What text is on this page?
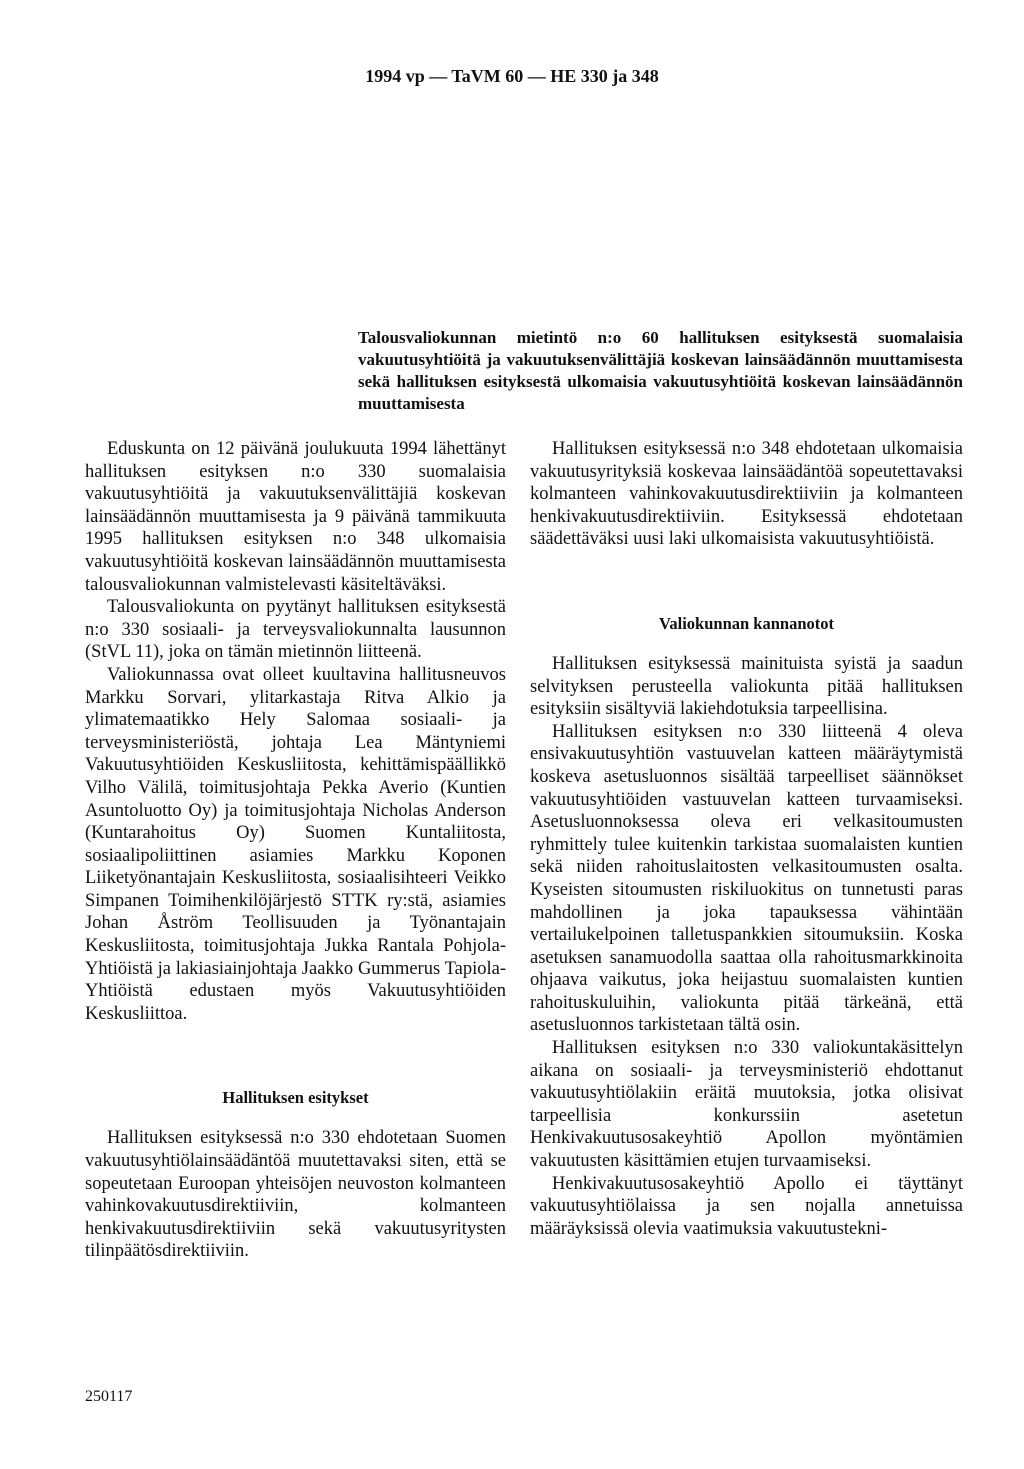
1994 vp — TaVM 60 — HE 330 ja 348

Talousvaliokunnan mietintö n:o 60 hallituksen esityksestä suomalaisia vakuutusyhtiöitä ja vakuutuksenvälittäjiä koskevan lainsäädännön muuttamisesta sekä hallituksen esityksestä ulkomaisia vakuutusyhtiöitä koskevan lainsäädännön muuttamisesta

Eduskunta on 12 päivänä joulukuuta 1994 lähettänyt hallituksen esityksen n:o 330 suomalaisia vakuutusyhtiöitä ja vakuutuksenvälittäjiä koskevan lainsäädännön muuttamisesta ja 9 päivänä tammikuuta 1995 hallituksen esityksen n:o 348 ulkomaisia vakuutusyhtiöitä koskevan lainsäädännön muuttamisesta talousvaliokunnan valmistelevasti käsiteltäväksi.

Talousvaliokunta on pyytänyt hallituksen esityksestä n:o 330 sosiaali- ja terveysvaliokunnalta lausunnon (StVL 11), joka on tämän mietinnön liitteenä.

Valiokunnassa ovat olleet kuultavina hallitusneuvos Markku Sorvari, ylitarkastaja Ritva Alkio ja ylimatemaatikko Hely Salomaa sosiaali- ja terveysministeriöstä, johtaja Lea Mäntyniemi Vakuutusyhtiöiden Keskusliitosta, kehittämispäällikkö Vilho Välilä, toimitusjohtaja Pekka Averio (Kuntien Asuntoluotto Oy) ja toimitusjohtaja Nicholas Anderson (Kuntarahoitus Oy) Suomen Kuntaliitosta, sosiaalipoliittinen asiamies Markku Koponen Liiketyönantajain Keskusliitosta, sosiaalisihteeri Veikko Simpanen Toimihenkilöjärjestö STTK ry:stä, asiamies Johan Åström Teollisuuden ja Työnantajain Keskusliitosta, toimitusjohtaja Jukka Rantala Pohjola-Yhtiöistä ja lakiasiainjohtaja Jaakko Gummerus Tapiola-Yhtiöistä edustaen myös Vakuutusyhtiöiden Keskusliittoa.

Hallituksen esitykset

Hallituksen esityksessä n:o 330 ehdotetaan Suomen vakuutusyhtiölainsäädäntöä muutettavaksi siten, että se sopeutetaan Euroopan yhteisöjen neuvoston kolmanteen vahinkovakuutusdirektiiviin, kolmanteen henkivakuutusdirektiiviin sekä vakuutusyritysten tilinpäätösdirektiiviin.

Hallituksen esityksessä n:o 348 ehdotetaan ulkomaisia vakuutusyrityksiä koskevaa lainsäädäntöä sopeutettavaksi kolmanteen vahinkovakuutusdirektiiviin ja kolmanteen henkivakuutusdirektiiviin. Esityksessä ehdotetaan säädettäväksi uusi laki ulkomaisista vakuutusyhtiöistä.

Valiokunnan kannanotot

Hallituksen esityksessä mainituista syistä ja saadun selvityksen perusteella valiokunta pitää hallituksen esityksiin sisältyviä lakiehdotuksia tarpeellisina.

Hallituksen esityksen n:o 330 liitteenä 4 oleva ensivakuutusyhtiön vastuuvelan katteen määräytymistä koskeva asetusluonnos sisältää tarpeelliset säännökset vakuutusyhtiöiden vastuuvelan katteen turvaamiseksi. Asetusluonnoksessa oleva eri velkasitoumusten ryhmittely tulee kuitenkin tarkistaa suomalaisten kuntien sekä niiden rahoituslaitosten velkasitoumusten osalta. Kyseisten sitoumusten riskiluokitus on tunnetusti paras mahdollinen ja joka tapauksessa vähintään vertailukelpoinen talletuspankkien sitoumuksiin. Koska asetuksen sanamuodolla saattaa olla rahoitusmarkkinoita ohjaava vaikutus, joka heijastuu suomalaisten kuntien rahoituskuluihin, valiokunta pitää tärkeänä, että asetusluonnos tarkistetaan tältä osin.

Hallituksen esityksen n:o 330 valiokuntakäsittelyn aikana on sosiaali- ja terveysministeriö ehdottanut vakuutusyhtiölakiin eräitä muutoksia, jotka olisivat tarpeellisia konkurssiin asetetun Henkivakuutusosakeyhtiö Apollon myöntämien vakuutusten käsittämien etujen turvaamiseksi.

Henkivakuutusosakeyhtiö Apollo ei täyttänyt vakuutusyhtiölaissa ja sen nojalla annetuissa määräyksissä olevia vaatimuksia vakuutustekni-

250117
